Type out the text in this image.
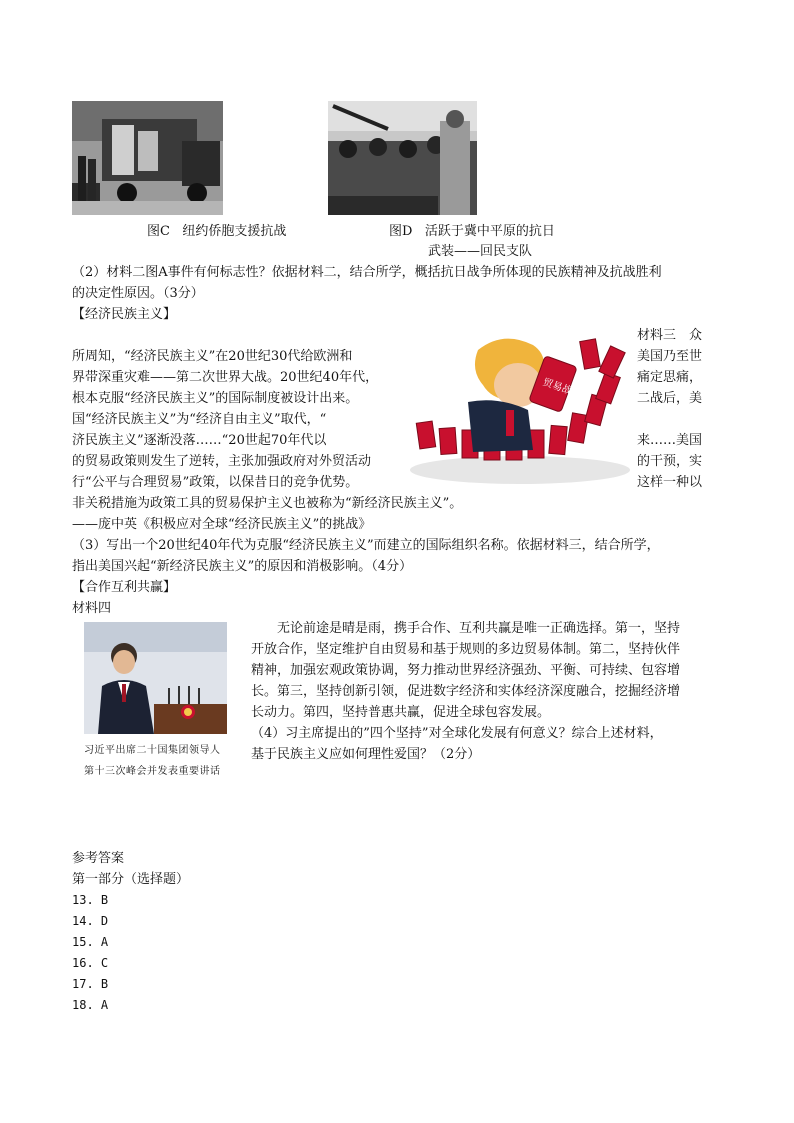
图C 纽约侨胞支援抗战	图D 活跃于冀中平原的抗日
武装——回民支队
（2）材料二图A事件有何标志性？依据材料二，结合所学，概括抗日战争所体现的民族精神及抗战胜利
的决定性原因。（3分）
【经济民族主义】
所周知，“经济民族主义”在20世纪30代给欧洲和
界带深重灾难——第二次世界大战。20世纪40年代，
根本克服“经济民族主义”的国际制度被设计出来。
国“经济民族主义”为“经济自由主义”取代，“
济民族主义”逐渐没落……“20世起70年代以
的贸易政策则发生了逆转，主张加强政府对外贸活动
行“公平与合理贸易”政策，以保昔日的竞争优势。
材料三　众
美国乃至世
痛定思痛，
二战后，美
来……美国
的干预，实
这样一种以
贸易战
非关税措施为政策工具的贸易保护主义也被称为“新经济民族主义”。
——庞中英《积极应对全球“经济民族主义”的挑战》
（3）写出一个20世纪40年代为克服“经济民族主义”而建立的国际组织名称。依据材料三，结合所学，
指出美国兴起“新经济民族主义”的原因和消极影响。（4分）
【合作互利共赢】
材料四
习近平出席二十国集团领导人
第十三次峰会并发表重要讲话
　　无论前途是晴是雨，携手合作、互利共赢是唯一正确选择。第一，坚持
开放合作，坚定维护自由贸易和基于规则的多边贸易体制。第二，坚持伙伴
精神，加强宏观政策协调，努力推动世界经济强劲、平衡、可持续、包容增
长。第三，坚持创新引领，促进数字经济和实体经济深度融合，挖掘经济增
长动力。第四，坚持普惠共赢，促进全球包容发展。
（4）习主席提出的”四个坚持”对全球化发展有何意义？综合上述材料，
基于民族主义应如何理性爱国？（2分）
参考答案
第一部分（选择题）
13. B
14. D
15. A
16. C
17. B
18. A
